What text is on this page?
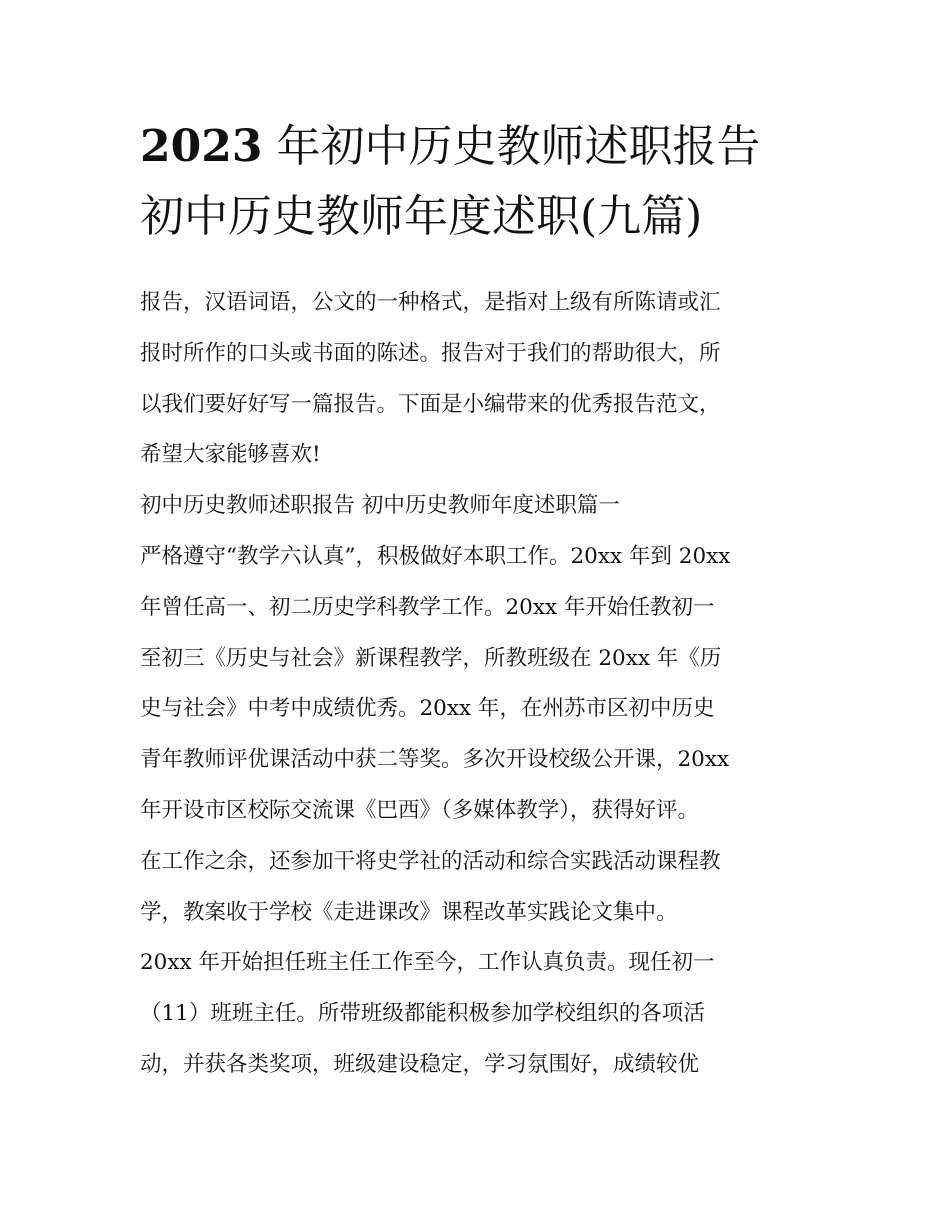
2023 年初中历史教师述职报告
初中历史教师年度述职(九篇)
报告，汉语词语，公文的一种格式，是指对上级有所陈请或汇
报时所作的口头或书面的陈述。报告对于我们的帮助很大，所
以我们要好好写一篇报告。下面是小编带来的优秀报告范文，
希望大家能够喜欢!
初中历史教师述职报告 初中历史教师年度述职篇一
严格遵守“教学六认真”，积极做好本职工作。20xx 年到 20xx
年曾任高一、初二历史学科教学工作。20xx 年开始任教初一
至初三《历史与社会》新课程教学，所教班级在 20xx 年《历
史与社会》中考中成绩优秀。20xx 年，在州苏市区初中历史
青年教师评优课活动中获二等奖。多次开设校级公开课，20xx
年开设市区校际交流课《巴西》（多媒体教学），获得好评。
在工作之余，还参加干将史学社的活动和综合实践活动课程教
学，教案收于学校《走进课改》课程改革实践论文集中。
20xx 年开始担任班主任工作至今，工作认真负责。现任初一
（11）班班主任。所带班级都能积极参加学校组织的各项活
动，并获各类奖项，班级建设稳定，学习氛围好，成绩较优
